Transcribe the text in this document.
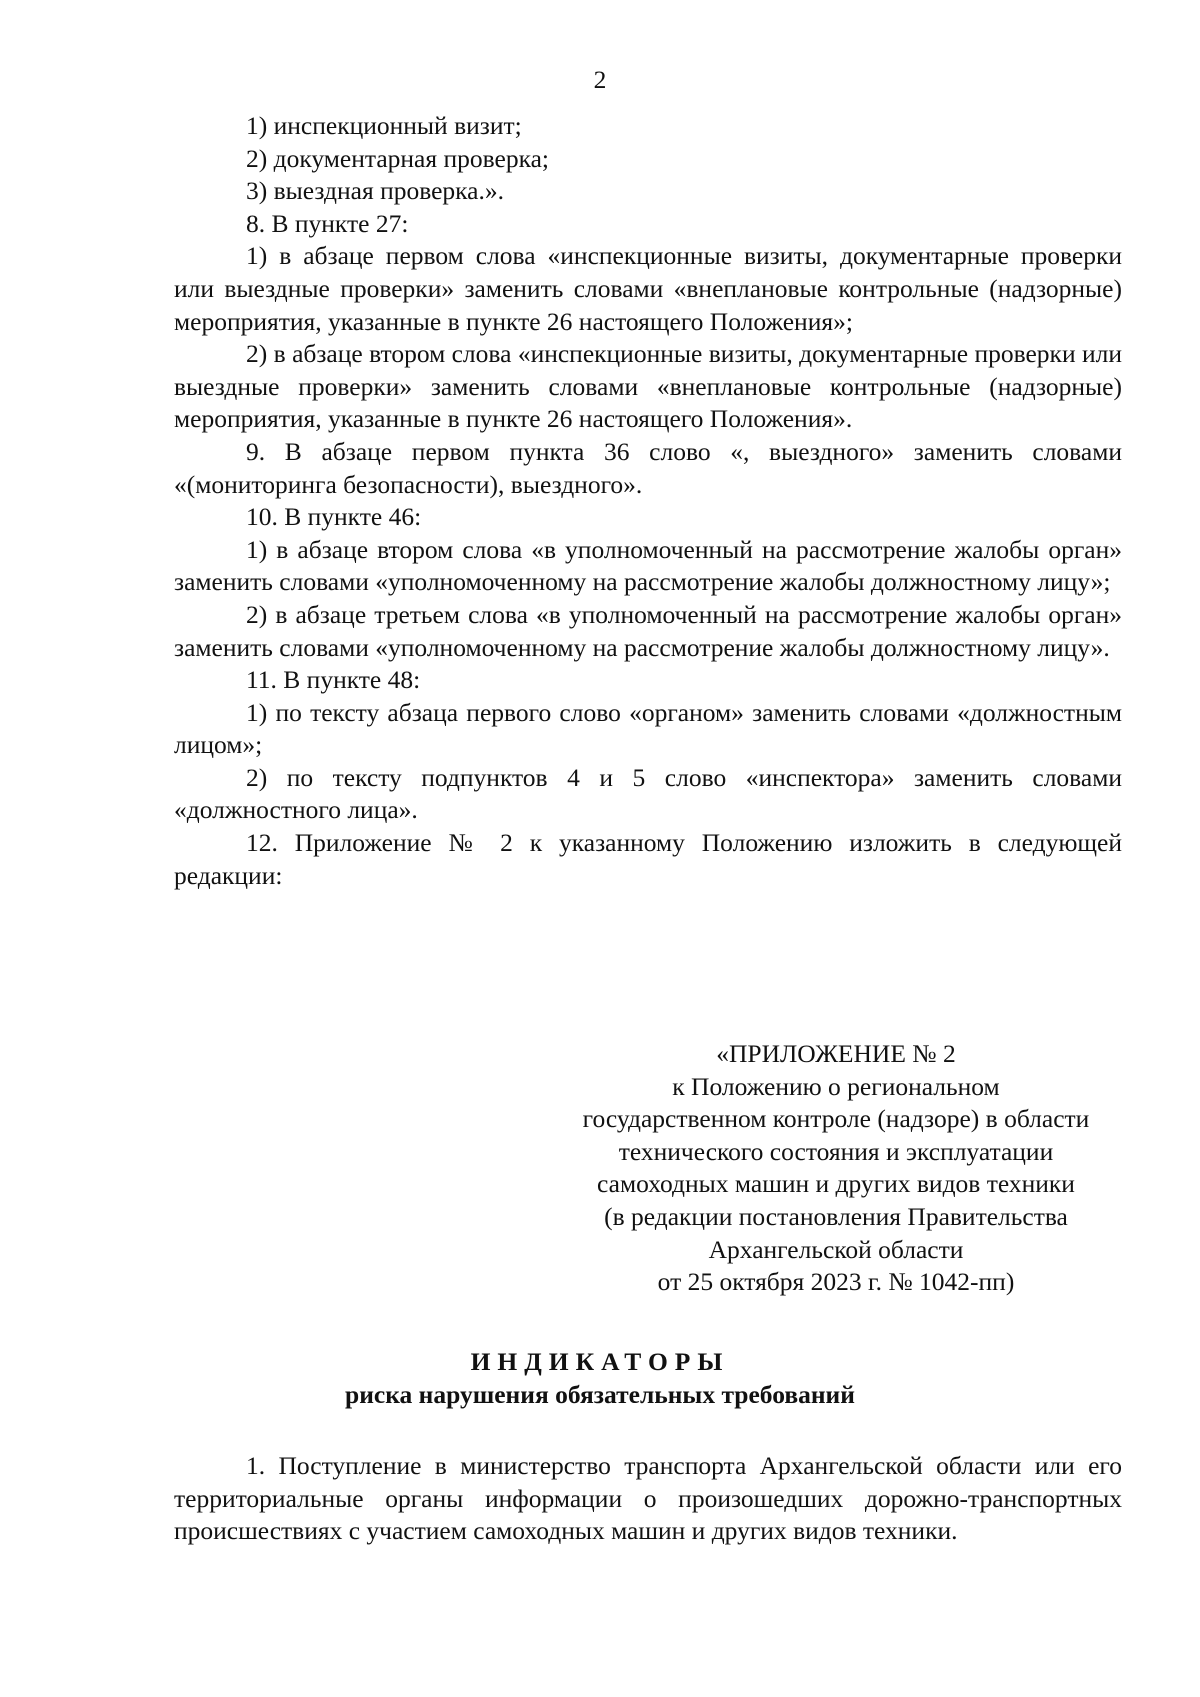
2

1) инспекционный визит;

2) документарная проверка;

3) выездная проверка.».

8. В пункте 27:

1) в абзаце первом слова «инспекционные визиты, документарные проверки или выездные проверки» заменить словами «внеплановые контрольные (надзорные) мероприятия, указанные в пункте 26 настоящего Положения»;

2) в абзаце втором слова «инспекционные визиты, документарные проверки или выездные проверки» заменить словами «внеплановые контрольные (надзорные) мероприятия, указанные в пункте 26 настоящего Положения».

9. В абзаце первом пункта 36 слово «, выездного» заменить словами «(мониторинга безопасности), выездного».

10. В пункте 46:

1) в абзаце втором слова «в уполномоченный на рассмотрение жалобы орган» заменить словами «уполномоченному на рассмотрение жалобы должностному лицу»;

2) в абзаце третьем слова «в уполномоченный на рассмотрение жалобы орган» заменить словами «уполномоченному на рассмотрение жалобы должностному лицу».

11. В пункте 48:

1) по тексту абзаца первого слово «органом» заменить словами «должностным лицом»;

2) по тексту подпунктов 4 и 5 слово «инспектора» заменить словами «должностного лица».

12. Приложение № 2 к указанному Положению изложить в следующей редакции:

«ПРИЛОЖЕНИЕ № 2
к Положению о региональном
государственном контроле (надзоре) в области
технического состояния и эксплуатации
самоходных машин и других видов техники
(в редакции постановления Правительства
Архангельской области
от 25 октября 2023 г. № 1042-пп)
ИНДИКАТОРЫ
риска нарушения обязательных требований

1. Поступление в министерство транспорта Архангельской области или его территориальные органы информации о произошедших дорожно-транспортных происшествиях с участием самоходных машин и других видов техники.
